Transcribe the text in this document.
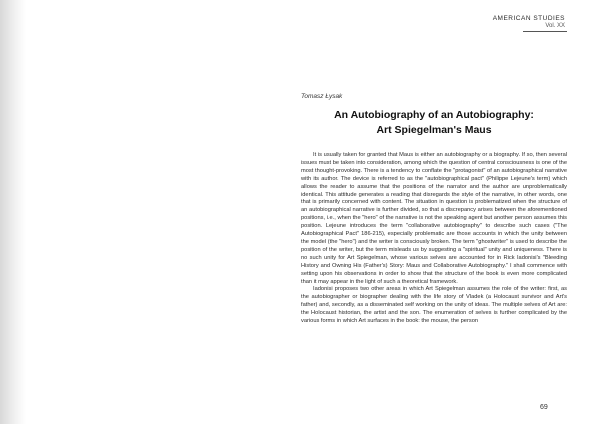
AMERICAN STUDIES
Vol. XX
Tomasz Łysak
An Autobiography of an Autobiography:
Art Spiegelman's Maus

It is usually taken for granted that Maus is either an autobiography or a biography. If so, then several issues must be taken into consideration, among which the question of central consciousness is one of the most thought-provoking. There is a tendency to conflate the "protagonist" of an autobiographical narrative with its author. The device is referred to as the "autobiographical pact" (Philippe Lejeune's term) which allows the reader to assume that the positions of the narrator and the author are unproblematically identical. This attitude generates a reading that disregards the style of the narrative, in other words, one that is primarily concerned with content. The situation in question is problematized when the structure of an autobiographical narrative is further divided, so that a discrepancy arises between the aforementioned positions, i.e., when the "hero" of the narrative is not the speaking agent but another person assumes this position. Lejeune introduces the term "collaborative autobiography" to describe such cases ("The Autobiographical Pact" 186-215), especially problematic are those accounts in which the unity between the model (the "hero") and the writer is consciously broken. The term "ghostwriter" is used to describe the position of the writer, but the term misleads us by suggesting a "spiritual" unity and uniqueness. There is no such unity for Art Spiegelman, whose various selves are accounted for in Rick Iadonisi's "Bleeding History and Owning His (Father's) Story: Maus and Collaborative Autobiography." I shall commence with setting upon his observations in order to show that the structure of the book is even more complicated than it may appear in the light of such a theoretical framework.

Iadonisi proposes two other areas in which Art Spiegelman assumes the role of the writer: first, as the autobiographer or biographer dealing with the life story of Vladek (a Holocaust survivor and Art's father) and, secondly, as a disseminated self working on the unity of ideas. The multiple selves of Art are: the Holocaust historian, the artist and the son. The enumeration of selves is further complicated by the various forms in which Art surfaces in the book: the mouse, the person

69
